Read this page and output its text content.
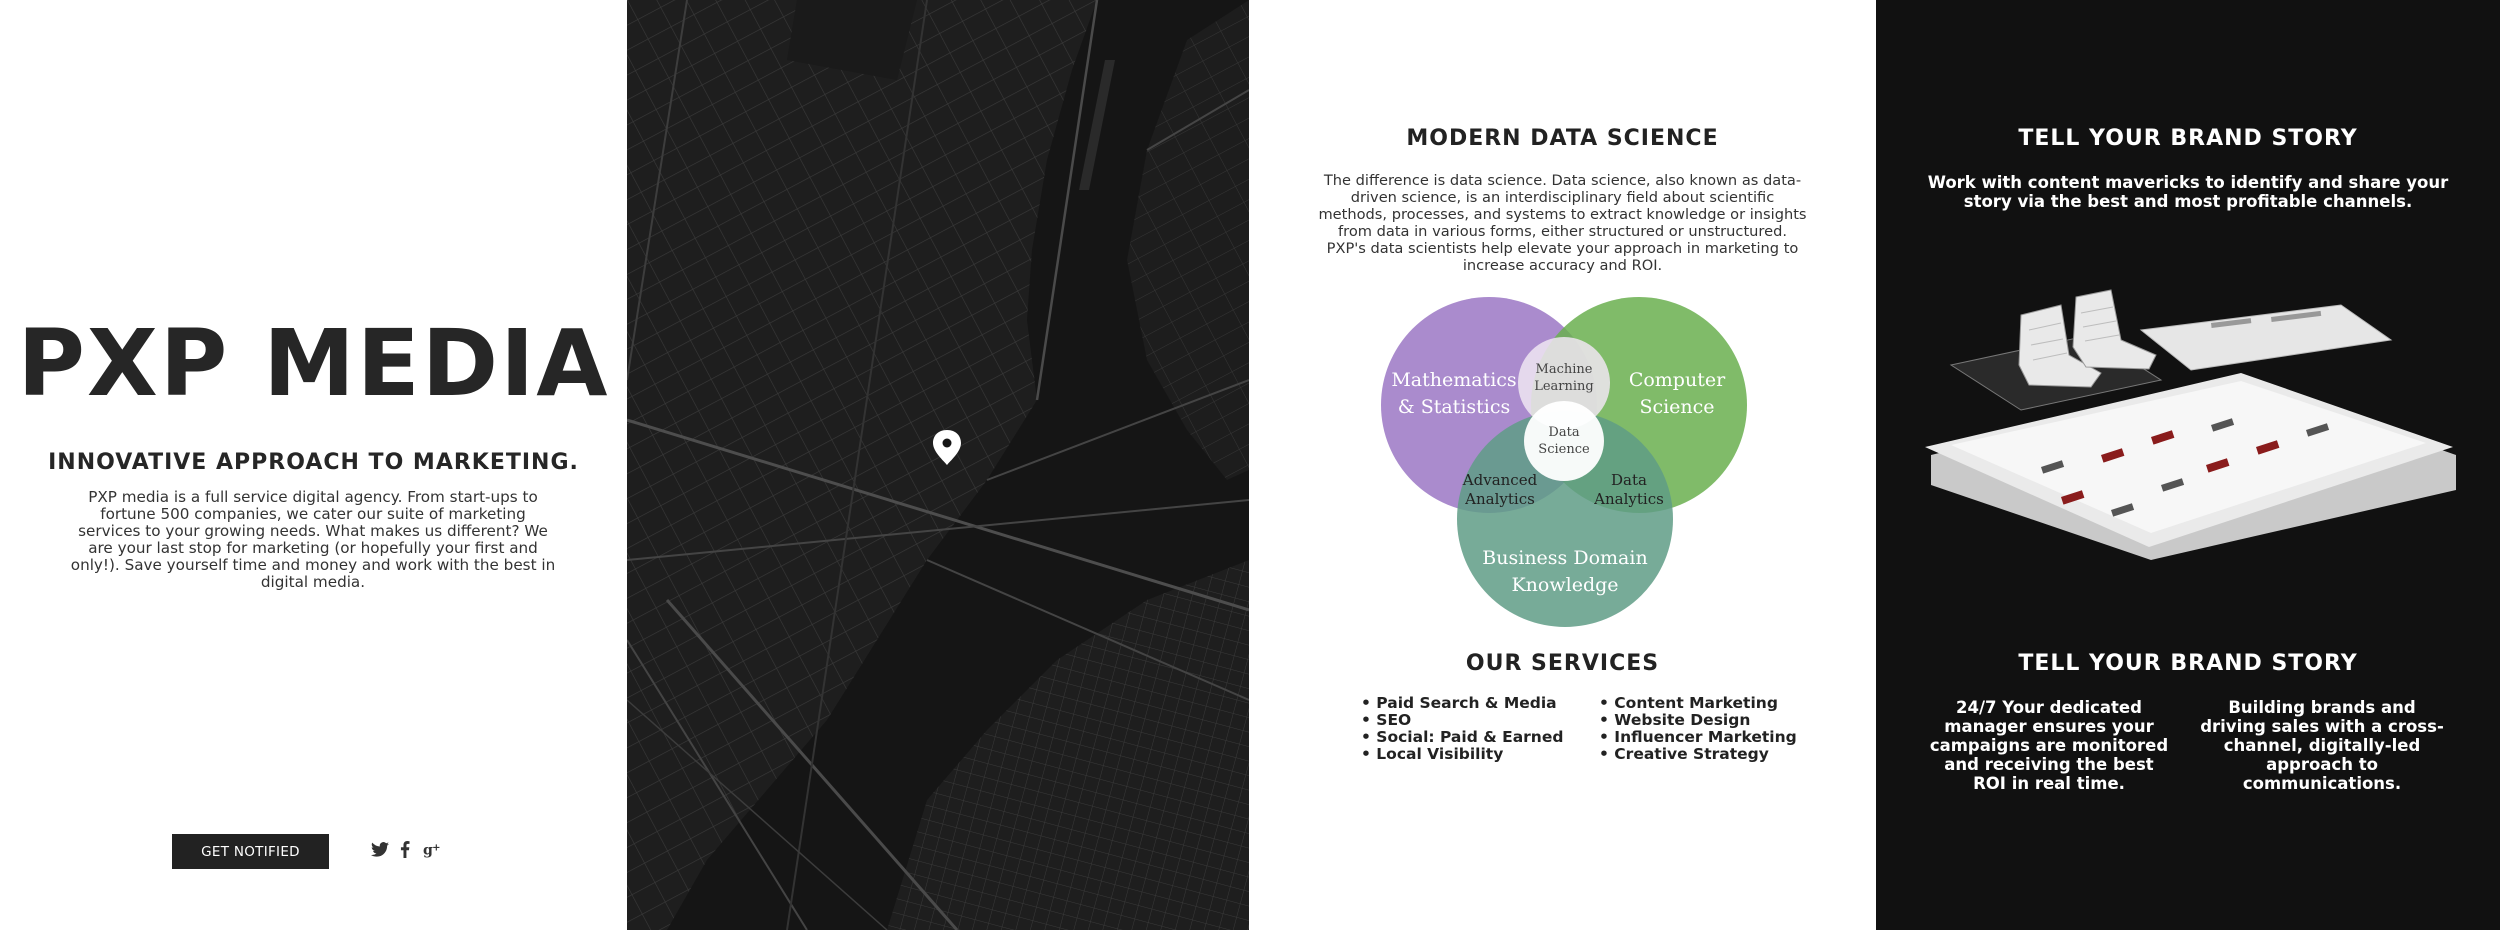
PXP MEDIA
INNOVATIVE APPROACH TO MARKETING.
PXP media is a full service digital agency. From start-ups to fortune 500 companies, we cater our suite of marketing services to your growing needs. What makes us different? We are your last stop for marketing (or hopefully your first and only!). Save yourself time and money and work with the best in digital media.
GET NOTIFIED	g +
MODERN DATA SCIENCE
The difference is data science. Data science, also known as data-driven science, is an interdisciplinary field about scientific methods, processes, and systems to extract knowledge or insights from data in various forms, either structured or unstructured. PXP's data scientists help elevate your approach in marketing to increase accuracy and ROI.
Mathematics & Statistics
Computer Science
Business Domain Knowledge
Machine Learning
Data Science
Advanced Analytics
Data Analytics
OUR SERVICES
• Paid Search & Media
• SEO
• Social: Paid & Earned
• Local Visibility
• Content Marketing
• Website Design
• Influencer Marketing
• Creative Strategy
TELL YOUR BRAND STORY
Work with content mavericks to identify and share your story via the best and most profitable channels.
TELL YOUR BRAND STORY
24/7 Your dedicated manager ensures your campaigns are monitored and receiving the best ROI in real time.
Building brands and driving sales with a cross-channel, digitally-led approach to communications.
